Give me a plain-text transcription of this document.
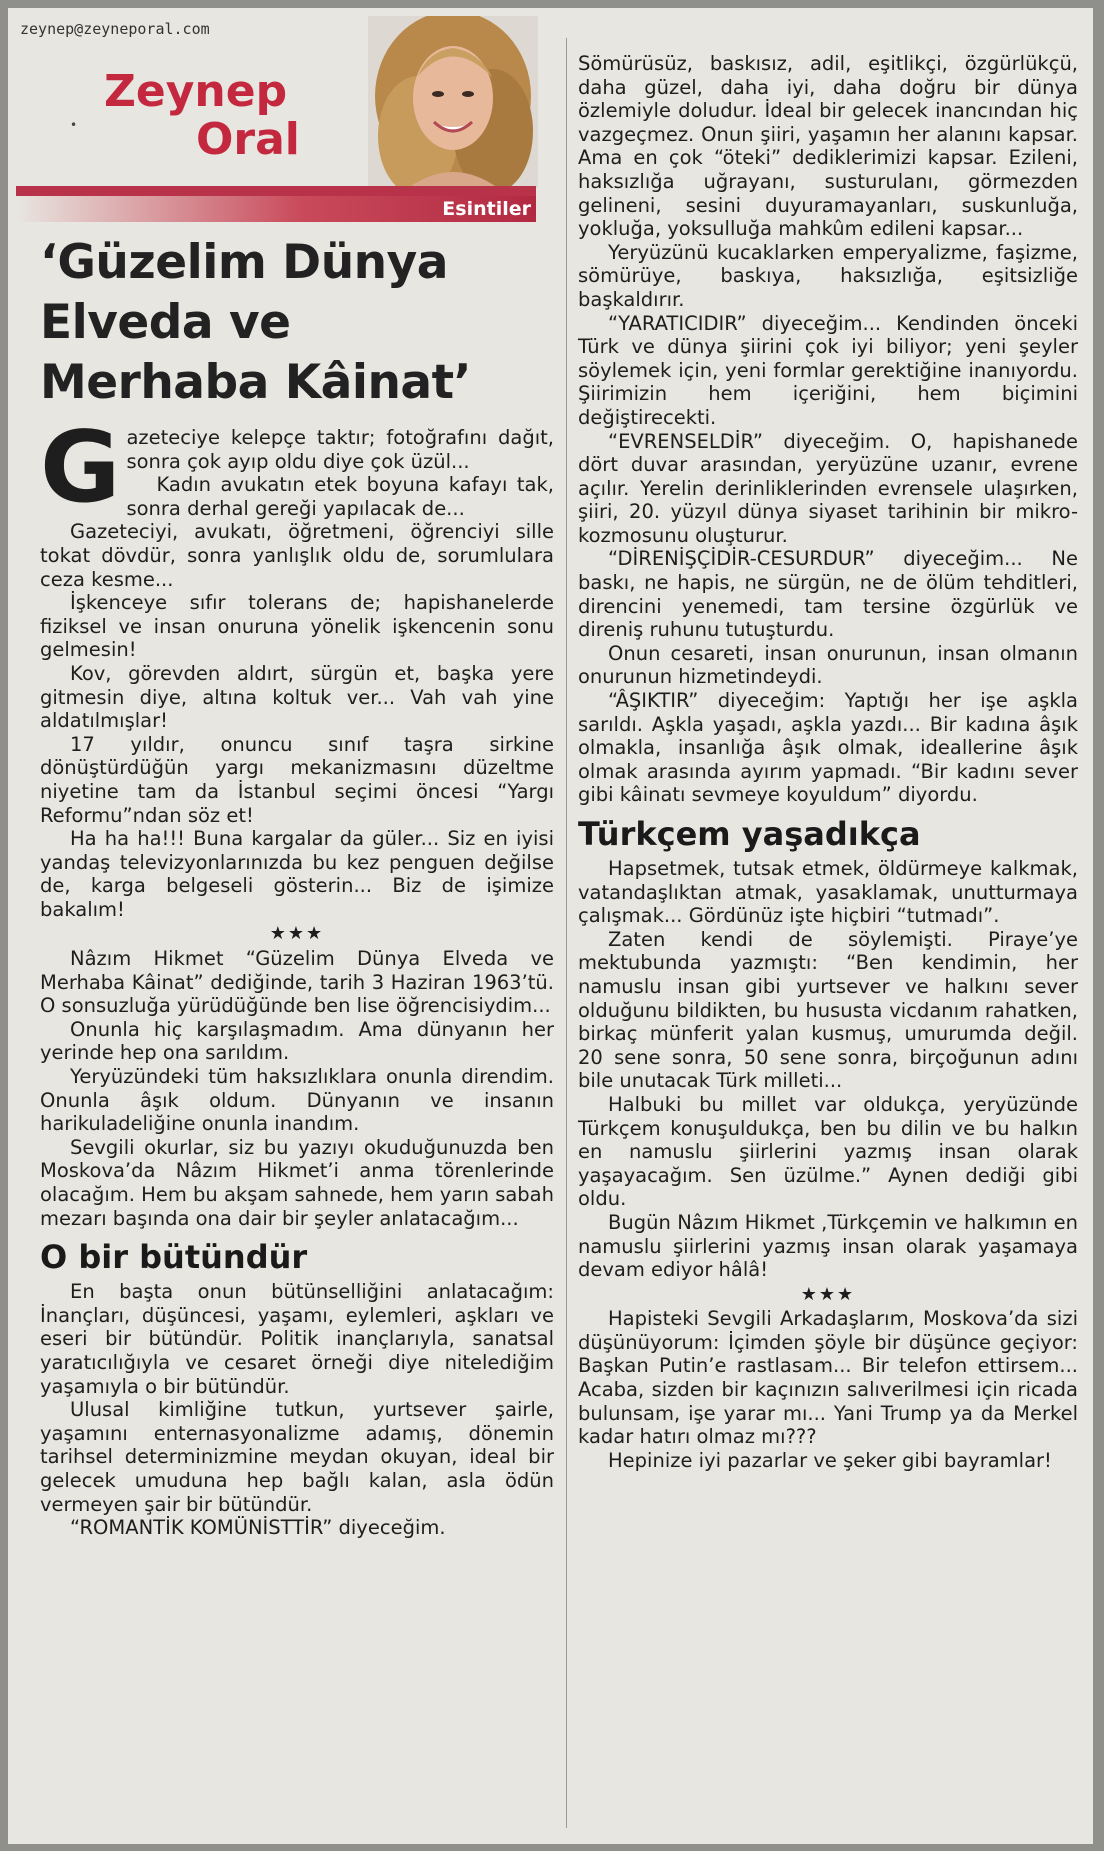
zeynep@zeyneporal.com
•
Zeynep
Oral
Esintiler
‘Güzelim Dünya
Elveda ve
Merhaba Kâinat’

Gazeteciye kelepçe taktır; fotoğrafını dağıt, sonra çok ayıp oldu diye çok üzül...

Kadın avukatın etek boyuna kafayı tak, sonra derhal gereği yapılacak de...

Gazeteciyi, avukatı, öğretmeni, öğrenciyi sille tokat dövdür, sonra yanlışlık oldu de, sorumlulara ceza kesme...

İşkenceye sıfır tolerans de; hapishanelerde fiziksel ve insan onuruna yönelik işkencenin sonu gelmesin!

Kov, görevden aldırt, sürgün et, başka yere gitmesin diye, altına koltuk ver... Vah vah yine aldatılmışlar!

17 yıldır, onuncu sınıf taşra sirkine dönüştürdüğün yargı mekanizmasını düzeltme niyetine tam da İstanbul seçimi öncesi “Yargı Reformu”ndan söz et!

Ha ha ha!!! Buna kargalar da güler... Siz en iyisi yandaş televizyonlarınızda bu kez penguen değilse de, karga belgeseli gösterin... Biz de işimize bakalım!

★★★

Nâzım Hikmet “Güzelim Dünya Elveda ve Merhaba Kâinat” dediğinde, tarih 3 Haziran 1963’tü. O sonsuzluğa yürüdüğünde ben lise öğrencisiydim...

Onunla hiç karşılaşmadım. Ama dünyanın her yerinde hep ona sarıldım.

Yeryüzündeki tüm haksızlıklara onunla direndim. Onunla âşık oldum. Dünyanın ve insanın harikuladeliğine onunla inandım.

Sevgili okurlar, siz bu yazıyı okuduğunuzda ben Moskova’da Nâzım Hikmet’i anma törenlerinde olacağım. Hem bu akşam sahnede, hem yarın sabah mezarı başında ona dair bir şeyler anlatacağım...

O bir bütündür

En başta onun bütünselliğini anlatacağım: İnançları, düşüncesi, yaşamı, eylemleri, aşkları ve eseri bir bütündür. Politik inançlarıyla, sanatsal yaratıcılığıyla ve cesaret örneği diye nitelediğim yaşamıyla o bir bütündür.

Ulusal kimliğine tutkun, yurtsever şairle, yaşamını enternasyonalizme adamış, dönemin tarihsel determinizmine meydan okuyan, ideal bir gelecek umuduna hep bağlı kalan, asla ödün vermeyen şair bir bütündür.

“ROMANTİK KOMÜNİSTTİR” diyeceğim.

Sömürüsüz, baskısız, adil, eşitlikçi, özgürlükçü, daha güzel, daha iyi, daha doğru bir dünya özlemiyle doludur. İdeal bir gelecek inancından hiç vazgeçmez. Onun şiiri, yaşamın her alanını kapsar. Ama en çok “öteki” dediklerimizi kapsar. Ezileni, haksızlığa uğrayanı, susturulanı, görmezden gelineni, sesini duyuramayanları, suskunluğa, yokluğa, yoksulluğa mahkûm edileni kapsar...

Yeryüzünü kucaklarken emperyalizme, faşizme, sömürüye, baskıya, haksızlığa, eşitsizliğe başkaldırır.

“YARATICIDIR” diyeceğim... Kendinden önceki Türk ve dünya şiirini çok iyi biliyor; yeni şeyler söylemek için, yeni formlar gerektiğine inanıyordu. Şiirimizin hem içeriğini, hem biçimini değiştirecekti.

“EVRENSELDİR” diyeceğim. O, hapishanede dört duvar arasından, yeryüzüne uzanır, evrene açılır. Yerelin derinliklerinden evrensele ulaşırken, şiiri, 20. yüzyıl dünya siyaset tarihinin bir mikro-kozmosunu oluşturur.

“DİRENİŞÇİDİR-CESURDUR” diyeceğim... Ne baskı, ne hapis, ne sürgün, ne de ölüm tehditleri, direncini yenemedi, tam tersine özgürlük ve direniş ruhunu tutuşturdu.

Onun cesareti, insan onurunun, insan olmanın onurunun hizmetindeydi.

“ÂŞIKTIR” diyeceğim: Yaptığı her işe aşkla sarıldı. Aşkla yaşadı, aşkla yazdı... Bir kadına âşık olmakla, insanlığa âşık olmak, ideallerine âşık olmak arasında ayırım yapmadı. “Bir kadını sever gibi kâinatı sevmeye koyuldum” diyordu.

Türkçem yaşadıkça

Hapsetmek, tutsak etmek, öldürmeye kalkmak, vatandaşlıktan atmak, yasaklamak, unutturmaya çalışmak... Gördünüz işte hiçbiri “tutmadı”.

Zaten kendi de söylemişti. Piraye’ye mektubunda yazmıştı: “Ben kendimin, her namuslu insan gibi yurtsever ve halkını sever olduğunu bildikten, bu hususta vicdanım rahatken, birkaç münferit yalan kusmuş, umurumda değil. 20 sene sonra, 50 sene sonra, birçoğunun adını bile unutacak Türk milleti...

Halbuki bu millet var oldukça, yeryüzünde Türkçem konuşuldukça, ben bu dilin ve bu halkın en namuslu şiirlerini yazmış insan olarak yaşayacağım. Sen üzülme.” Aynen dediği gibi oldu.

Bugün Nâzım Hikmet ,Türkçemin ve halkımın en namuslu şiirlerini yazmış insan olarak yaşamaya devam ediyor hâlâ!

★★★

Hapisteki Sevgili Arkadaşlarım, Moskova’da sizi düşünüyorum: İçimden şöyle bir düşünce geçiyor: Başkan Putin’e rastlasam... Bir telefon ettirsem... Acaba, sizden bir kaçınızın salıverilmesi için ricada bulunsam, işe yarar mı... Yani Trump ya da Merkel kadar hatırı olmaz mı???

Hepinize iyi pazarlar ve şeker gibi bayramlar!
